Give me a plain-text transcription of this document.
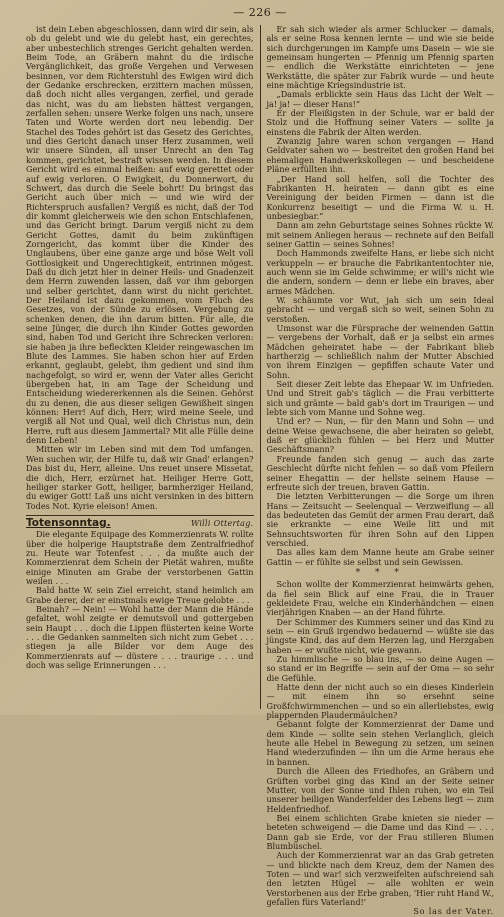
— 226 —

ist dein Leben abgeschlossen, dann wird dir sein, als ob du gelebt und wie du gelebt hast, ein gerechtes, aber unbestechlich strenges Gericht gehalten werden. Beim Tode, an Gräbern mahnt du die irdische Vergänglichkeit, das große Vergehen und Verwesen besinnen, vor dem Richterstuhl des Ewigen wird dich der Gedanke erschrecken, erzittern machen müssen, daß doch nicht alles vergangen, zerfiel, und gerade das nicht, was du am liebsten hättest vergangen, zerfallen sehen: unsere Werke folgen uns nach, unsere Taten und Worte werden dort neu lebendig. Der Stachel des Todes gehört ist das Gesetz des Gerichtes, und dies Gericht danach unser Herz zusammen, weil wir unsere Sünden, all unser Unrecht an den Tag kommen, gerichtet, bestraft wissen werden. In diesem Gericht wird es einmal heißen: auf ewig gerettet oder auf ewig verloren. O Ewigkeit, du Donnerwort, du Schwert, das durch die Seele bohrt! Du bringst das Gericht auch über mich — und wie wird der Richterspruch ausfallen? Vergiß es nicht, daß der Tod dir kommt gleicherweis wie den schon Entschlafenen, und das Gericht bringt. Darum vergiß nicht zu dem Gericht Gottes, damit du beim zukünftigen Zorngericht, das kommt über die Kinder des Unglaubens, über eine ganze arge und böse Welt voll Gottlosigkeit und Ungerechtigkeit, entrinnen mögest. Daß du dich jetzt hier in deiner Heils- und Gnadenzeit dem Herrn zuwenden lassen, daß vor ihm geborgen und selber gerichtet, dann wirst du nicht gerichtet. Der Heiland ist dazu gekommen, vom Fluch des Gesetzes, von der Sünde zu erlösen. Vergebung zu schenken denen, die ihn darum bitten. Für alle, die seine Jünger, die durch ihn Kinder Gottes geworden sind, haben Tod und Gericht ihre Schrecken verloren: sie haben ja ihre befleckten Kleider reingewaschen im Blute des Lammes. Sie haben schon hier auf Erden erkannt, geglaubt, gelebt, ihm gedient und sind ihm nachgefolgt, so wird er, wenn der Vater alles Gericht übergeben hat, in am Tage der Scheidung und Entscheidung wiedererkennen als die Seinen. Gehörst du zu denen, die aus dieser seligen Gewißheit singen können: Herr! Auf dich, Herr, wird meine Seele, und vergiß all Not und Qual, weil dich Christus nun, dein Herre, ruft aus diesem Jammertal? Mit alle Fülle deine denn Leben!

Mitten wir im Leben sind mit dem Tod umfangen. Wen suchen wir, der Hilfe tu, daß wir Gnad' erlangen? Das bist du, Herr, alleine. Uns reuet unsere Missetat, die dich, Herr, erzürnet hat. Heiliger Herre Gott, heiliger starker Gott, heiliger, barmherziger Heiland, du ewiger Gott! Laß uns nicht versinken in des bittern Todes Not. Kyrie eleison! Amen.

Totensonntag.	Willi Ottertag.

Die elegante Equipage des Kommerzienrats W. rollte über die holperige Hauptstraße dem Zentralfriedhof zu. Heute war Totenfest . . . da mußte auch der Kommerzienrat dem Schein der Pietät wahren, mußte einige Minuten am Grabe der verstorbenen Gattin weilen . . .

Bald hatte W. sein Ziel erreicht, stand heimlich am Grabe derer, der er einstmals ewige Treue gelobte . . .

Beinah? — Nein! — Wohl hatte der Mann die Hände gefaltet, wohl zeigte er demutsvoll und gottergeben sein Haupt . . . doch die Lippen flüsterten keine Worte . . . die Gedanken sammelten sich nicht zum Gebet . . . stiegen ja alle Bilder vor dem Auge des Kommerzienrats auf — düstere . . . traurige . . . und doch was selige Erinnerungen . . .

Er sah sich wieder als armer Schlucker — damals, als er seine Rosa kennen lernte — und wie sie beide sich durchgerungen im Kampfe ums Dasein — wie sie gemeinsam hungerten — Pfennig um Pfennig sparten — endlich die Werkstätte einrichteten — jene Werkstätte, die später zur Fabrik wurde — und heute eine mächtige Kriegsindustrie ist.

„Damals erblickte sein Haus das Licht der Welt — ja! ja! — dieser Hans!“

Er der Fleißigsten in der Schule, war er bald der Stolz und die Hoffnung seiner Vaters — sollte ja einstens die Fabrik der Alten werden.

Zwanzig Jahre waren schon vergangen — Hand Geldvater sahen wo — bestreitet den großen Hand bei ehemaligen Handwerkskollegen — und bescheidene Pläne erfüllten ihn.

„Der Hand soll helfen, soll die Tochter des Fabrikanten H. heiraten — dann gibt es eine Vereinigung der beiden Firmen — dann ist die Konkurrenz beseitigt — und die Firma W. u. H. unbesiegbar.“

Dann am zehn Geburtstage seines Sohnes rückte W. mit seinem Anliegen heraus — rechnete auf den Beifall seiner Gattin — seines Sohnes!

Doch Hammonds zweifelte Hans, er liebe sich nicht verkuppeln — er brauche die Fabrikantentochter nie, auch wenn sie im Gelde schwimme; er will's nicht wie die andern, sondern — denn er liebe ein braves, aber armes Mädchen.

W. schäumte vor Wut, jah sich um sein Ideal gebracht — und vergaß sich so weit, seinen Sohn zu verstoßen.

Umsonst war die Fürsprache der weinenden Gattin — vergebens der Vorhalt, daß er ja selbst ein armes Mädchen geheiratet habe — der Fabrikant blieb hartherzig — schließlich nahm der Mutter Abschied von ihrem Einzigen — gepfiffen schaute Vater und Sohn.

Seit dieser Zeit lebte das Ehepaar W. im Unfrieden. Und und Streit gab's täglich — die Frau verbitterte sich und grämte — bald gab's dort im Traurigen — und lebte sich vom Manne und Sohne weg.

Und er? — Nun, — für den Mann und Sohn — und deine Weise gewachsene, die aber heiraten so gelebt, daß er glücklich fühlen — bei Herz und Mutter Geschäftsmann?

Freunde fanden sich genug — auch das zarte Geschlecht dürfte nicht fehlen — so daß vom Pfeilern seiner Ehegattin — der hellste seinem Hause — erfreute sich der treuen, braven Gattin.

Die letzten Verbitterungen — die Sorge um ihren Hans — Zeitsucht — Seelenqual — Verzweiflung — all das bedeuteten das Gemüt der armen Frau derart, daß sie erkrankte — eine Weile litt und mit Sehnsuchtsworten für ihren Sohn auf den Lippen verschied.

Das alles kam dem Manne heute am Grabe seiner Gattin — er fühlte sie selbst und sein Gewissen.

* * *

Schon wollte der Kommerzienrat heimwärts gehen, da fiel sein Blick auf eine Frau, die in Trauer gekleidete Frau, welche ein Kinderhändchen — einen vierjährigen Knaben — an der Hand führte.

Der Schimmer des Kummers seiner und das Kind zu sein — ein Gruß irgendwo bedauernd — wüßte sie das jüngste Kind, das auf dem Herzen lag, und Herzgaben haben — er wußte nicht, wie gewann.

Zu himmlische — so blau ins, — so deine Augen — so stand er im Begriffe — sein auf der Oma — so sehr die Gefühle.

Hatte denn der nicht auch so ein dieses Kinderlein — mit einem ihn so ersehnt seine Großfchwirmmenchen — und so ein allerliebstes, ewig plappernden Plaudermäulchen?

Gebannt folgte der Kommerzienrat der Dame und dem Kinde — sollte sein stehen Verlanglich, gleich heute alle Hebel in Bewegung zu setzen, um seinen Hand wiederzufinden — ihn um die Arme heraus ehe in bannen.

Durch die Alleen des Friedhofes, an Gräbern und Grüften vorbei ging das Kind an der Seite seiner Mutter, von der Sonne und Ihlen ruhen, wo ein Teil unserer heiligen Wanderfelder des Lebens liegt — zum Heldenfriedhof.

Bei einem schlichten Grabe knieten sie nieder — beteten schweigend — die Dame und das Kind — . . . Dann gab sie Erde, vor der Frau stilleren Blumen Blumbüschel.

Auch der Kommerzienrat war an das Grab getreten — und blickte nach dem Kreuz, dem der Namen des Toten — und war! sich verzweifelten aufschreiend sah den letzten Hügel — alle wohlten er wein Verstorbenen aus der Erbe graben, 'Hier ruht Hand W., gefallen fürs Vaterland!'

So las der Vater.
